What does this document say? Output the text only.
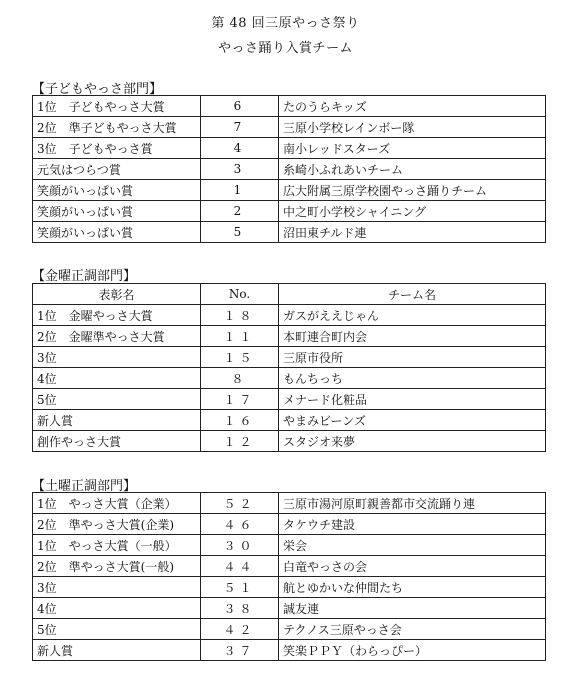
第 48 回三原やっさ祭り
やっさ踊り入賞チーム
【子どもやっさ部門】
1位　子どもやっさ大賞	6	たのうらキッズ
2位　準子どもやっさ大賞	7	三原小学校レインボー隊
3位　子どもやっさ賞	4	南小レッドスターズ
元気はつらつ賞	3	糸崎小ふれあいチーム
笑顔がいっぱい賞	1	広大附属三原学校園やっさ踊りチーム
笑顔がいっぱい賞	2	中之町小学校シャイニング
笑顔がいっぱい賞	5	沼田東チルド連
【金曜正調部門】
表彰名	No.	チーム名
1位　金曜やっさ大賞	１８	ガスがええじゃん
2位　金曜準やっさ大賞	１１	本町連合町内会
3位	１５	三原市役所
4位	８	もんちっち
5位	１７	メナード化粧品
新人賞	１６	やまみビーンズ
創作やっさ大賞	１２	スタジオ来夢
【土曜正調部門】
1位　やっさ大賞（企業）	５２	三原市湯河原町親善都市交流踊り連
2位　準やっさ大賞(企業)	４６	タケウチ建設
1位　やっさ大賞（一般）	３０	栄会
2位　準やっさ大賞(一般)	４４	白竜やっさの会
3位	５１	航とゆかいな仲間たち
4位	３８	誠友連
5位	４２	テクノス三原やっさ会
新人賞	３７	笑楽ＰＰＹ（わらっぴー）
